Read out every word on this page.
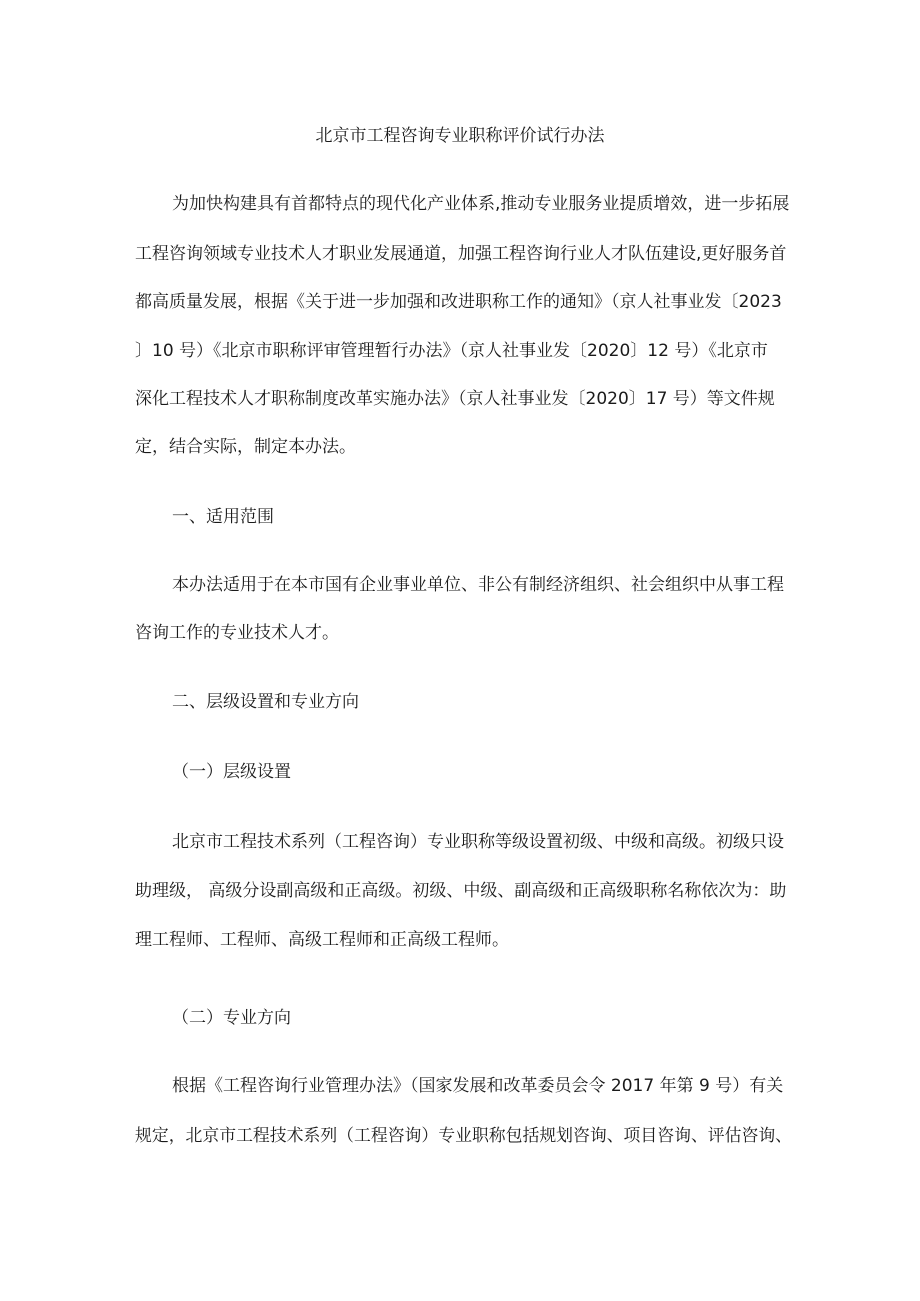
北京市工程咨询专业职称评价试行办法
为加快构建具有首都特点的现代化产业体系,推动专业服务业提质增效，进一步拓展
工程咨询领域专业技术人才职业发展通道，加强工程咨询行业人才队伍建设,更好服务首
都高质量发展，根据《关于进一步加强和改进职称工作的通知》（京人社事业发〔2023
〕10 号）《北京市职称评审管理暂行办法》（京人社事业发〔2020〕12 号）《北京市
深化工程技术人才职称制度改革实施办法》（京人社事业发〔2020〕17 号）等文件规
定，结合实际，制定本办法。
一、适用范围
本办法适用于在本市国有企业事业单位、非公有制经济组织、社会组织中从事工程
咨询工作的专业技术人才。
二、层级设置和专业方向
（一）层级设置
北京市工程技术系列（工程咨询）专业职称等级设置初级、中级和高级。初级只设
助理级， 高级分设副高级和正高级。初级、中级、副高级和正高级职称名称依次为：助
理工程师、工程师、高级工程师和正高级工程师。
（二）专业方向
根据《工程咨询行业管理办法》（国家发展和改革委员会令 2017 年第 9 号）有关
规定，北京市工程技术系列（工程咨询）专业职称包括规划咨询、项目咨询、评估咨询、
